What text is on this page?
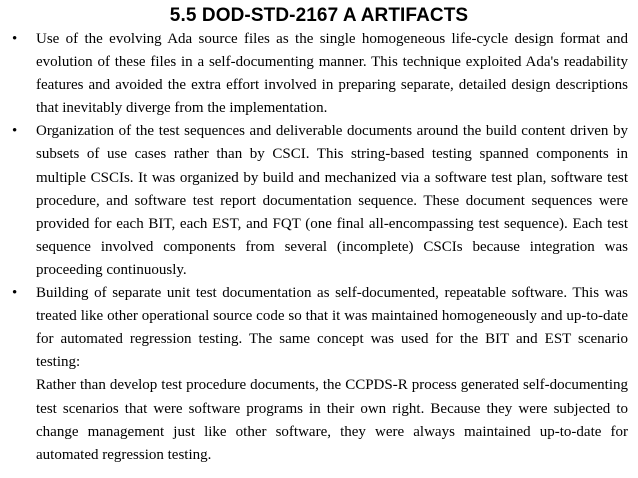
5.5 DOD-STD-2167 A ARTIFACTS
• Use of the evolving Ada source files as the single homogeneous life-cycle design format and evolution of these files in a self-documenting manner. This technique exploited Ada's readability features and avoided the extra effort involved in preparing separate, detailed design descriptions that inevitably diverge from the implementation.
• Organization of the test sequences and deliverable documents around the build content driven by subsets of use cases rather than by CSCI. This string-based testing spanned components in multiple CSCIs. It was organized by build and mechanized via a software test plan, software test procedure, and software test report documentation sequence. These document sequences were provided for each BIT, each EST, and FQT (one final all-encompassing test sequence). Each test sequence involved components from several (incomplete) CSCIs because integration was proceeding continuously.
• Building of separate unit test documentation as self-documented, repeatable software. This was treated like other operational source code so that it was maintained homogeneously and up-to-date for automated regression testing. The same concept was used for the BIT and EST scenario testing:
Rather than develop test procedure documents, the CCPDS-R process generated self-documenting test scenarios that were software programs in their own right. Because they were subjected to change management just like other software, they were always maintained up-to-date for automated regression testing.
